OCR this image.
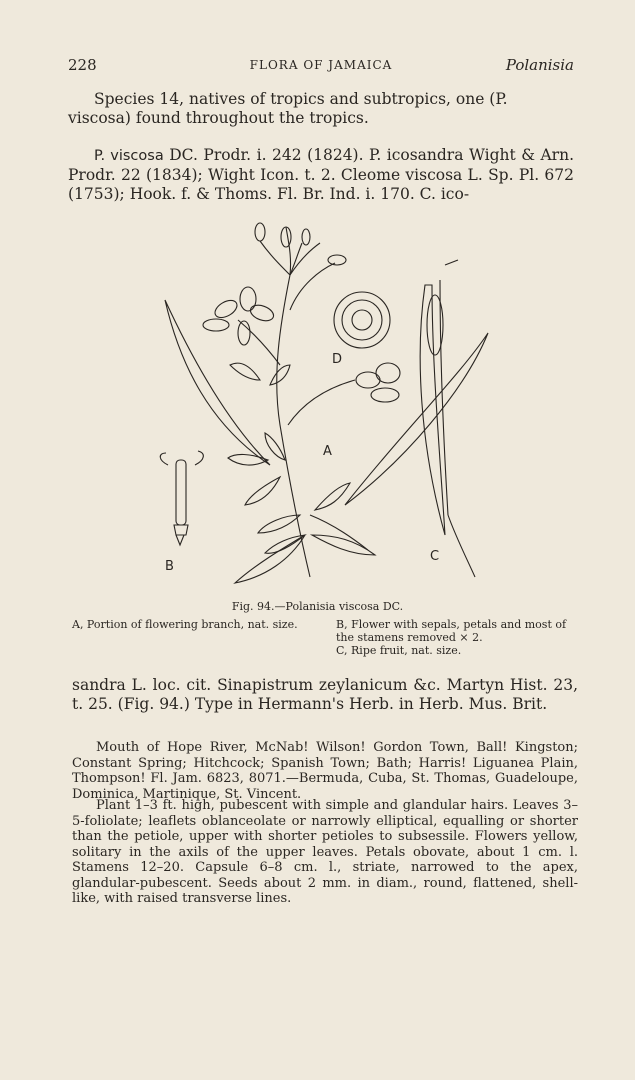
228	FLORA OF JAMAICA	Polanisia
Species 14, natives of tropics and subtropics, one (P. viscosa) found throughout the tropics.
P. viscosa DC. Prodr. i. 242 (1824). P. icosandra Wight & Arn. Prodr. 22 (1834); Wight Icon. t. 2. Cleome viscosa L. Sp. Pl. 672 (1753); Hook. f. & Thoms. Fl. Br. Ind. i. 170. C. ico-
A
B
C
D
Fig. 94.—Polanisia viscosa DC.
A, Portion of flowering branch, nat. size.	B, Flower with sepals, petals and most of the stamens removed × 2.
C, Ripe fruit, nat. size.
sandra L. loc. cit. Sinapistrum zeylanicum &c. Martyn Hist. 23, t. 25. (Fig. 94.) Type in Hermann's Herb. in Herb. Mus. Brit.
Mouth of Hope River, McNab! Wilson! Gordon Town, Ball! Kingston; Constant Spring; Hitchcock; Spanish Town; Bath; Harris! Liguanea Plain, Thompson! Fl. Jam. 6823, 8071.—Bermuda, Cuba, St. Thomas, Guadeloupe, Dominica, Martinique, St. Vincent.
Plant 1–3 ft. high, pubescent with simple and glandular hairs. Leaves 3–5-foliolate; leaflets oblanceolate or narrowly elliptical, equalling or shorter than the petiole, upper with shorter petioles to subsessile. Flowers yellow, solitary in the axils of the upper leaves. Petals obovate, about 1 cm. l. Stamens 12–20. Capsule 6–8 cm. l., striate, narrowed to the apex, glandular-pubescent. Seeds about 2 mm. in diam., round, flattened, shell-like, with raised transverse lines.
